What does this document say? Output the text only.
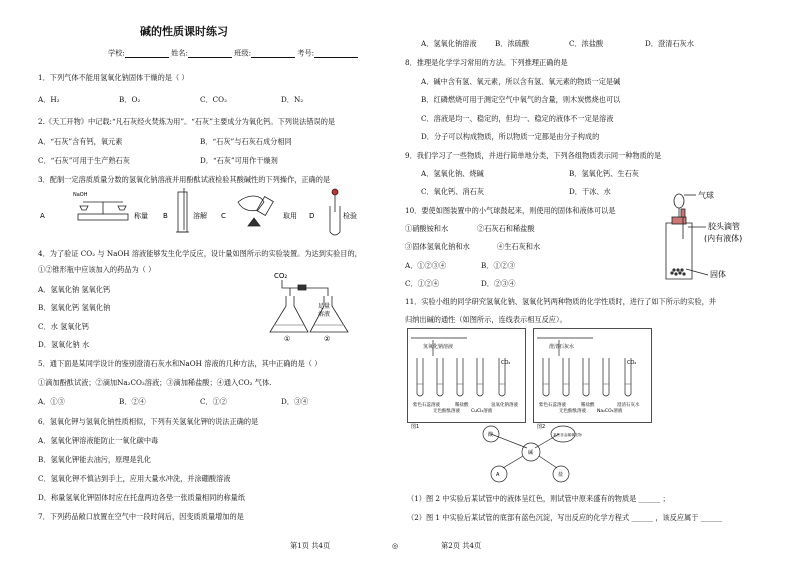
碱的性质课时练习
学校:	姓名:	班级:	考号:
1．下列气体不能用氢氧化钠固体干燥的是（ ）
A．H₂	B．O₂	C．CO₂	D．N₂
2.《天工开物》中记载:“凡石灰经火焚炼为用”。“石灰”主要成分为氧化钙。下列说法错误的是
A．“石灰”含有钙，氧元素	B．“石灰”与石灰石成分相同
C．“石灰”可用于生产熟石灰	D．“石灰”可用作干燥剂
3．配制一定溶质质量分数的氢氧化钠溶液并用酚酞试液检验其酸碱性的下列操作，正确的是
A
NaOH
称量 B	溶解 C	取用 D	检验
4．为了验证 CO₂ 与 NaOH 溶液能够发生化学反应，设计量如图所示的实验装置。为达到实验目的，
①②锥形瓶中应该加入的药品为（ ）
A．氢氧化钠 氢氧化钙
B．氢氧化钙 氢氧化钠
C．水 氢氧化钙
D．氢氧化钠 水
CO₂
足量
溶液
①	②
5．通下面是某同学设计的鉴别澄清石灰水和NaOH 溶液的几种方法，其中正确的是（ ）
①滴加酚酞试液；②滴加Na₂CO₃溶液；③滴加稀盐酸；④通入CO₂ 气体.
A．①③	B．②④	C．①②	D．③④
6．氢氧化钾与氢氧化钠性质相似，下列有关氢氧化钾的说法正确的是
A．氢氧化钾溶液能防止一氧化碳中毒
B．氢氧化钾能去油污，原理是乳化
C．氢氧化钾不慎沾到手上，应用大量水冲洗，并涂硼酸溶液
D．称量氢氧化钾固体时应在托盘两边各垫一张质量相同的称量纸
7．下列药品敞口放置在空气中一段时间后，因变质质量增加的是
第1页 共4页	◎
A．氢氧化钠溶液	B．浓硫酸	C．浓盐酸	D．澄清石灰水
8．推理是化学学习常用的方法。下列推理正确的是
A．碱中含有氢、氧元素，所以含有氢、氧元素的物质一定是碱
B．红磷燃烧可用于测定空气中氧气的含量，则木炭燃烧也可以
C．溶液是均一、稳定的，但均一、稳定的液体不一定是溶液
D．分子可以构成物质，所以物质一定都是由分子构成的
9．我们学习了一些物质，并进行简单地分类，下列各组物质表示同一种物质的是
A．氢氧化钠、烧碱	B．氢氧化钙、生石灰
C．氧化钙、消石灰	D．干冰、水
10．要使如图装置中的小气球鼓起来，则使用的固体和液体可以是
①硝酸铵和水	②石灰石和稀盐酸
③固体氢氧化钠和水	④生石灰和水
A．①②③④	B．①②③
C．①②④	D．②③④
气球
胶头滴管
(内有液体)
固体
11．实验小组的同学研究氢氧化钠、氢氧化钙两种物质的化学性质时，进行了如下所示的实验，并
归纳出碱的通性（如图所示，连线表示相互反应）。
氢氧化钠溶液	澄清石灰水
CO₂	CO₂
紫色石蕊溶液
无色酚酞溶液
稀盐酸
CuCl₂溶液
氢氧化钠溶液	紫色石蕊溶液
无色酚酞溶液
稀盐酸
Na₂CO₃溶液
澄清石灰水
图1	图2
酸
碱
某些非金属氧化物
A	盐
（1）图 2 中实验后某试管中的液体呈红色，则试管中原来盛有的物质是 ______ ；
（2）图 1 中实验后某试管的底部有蓝色沉淀，写出反应的化学方程式 ______ ，该反应属于 ______
第2页 共4页
